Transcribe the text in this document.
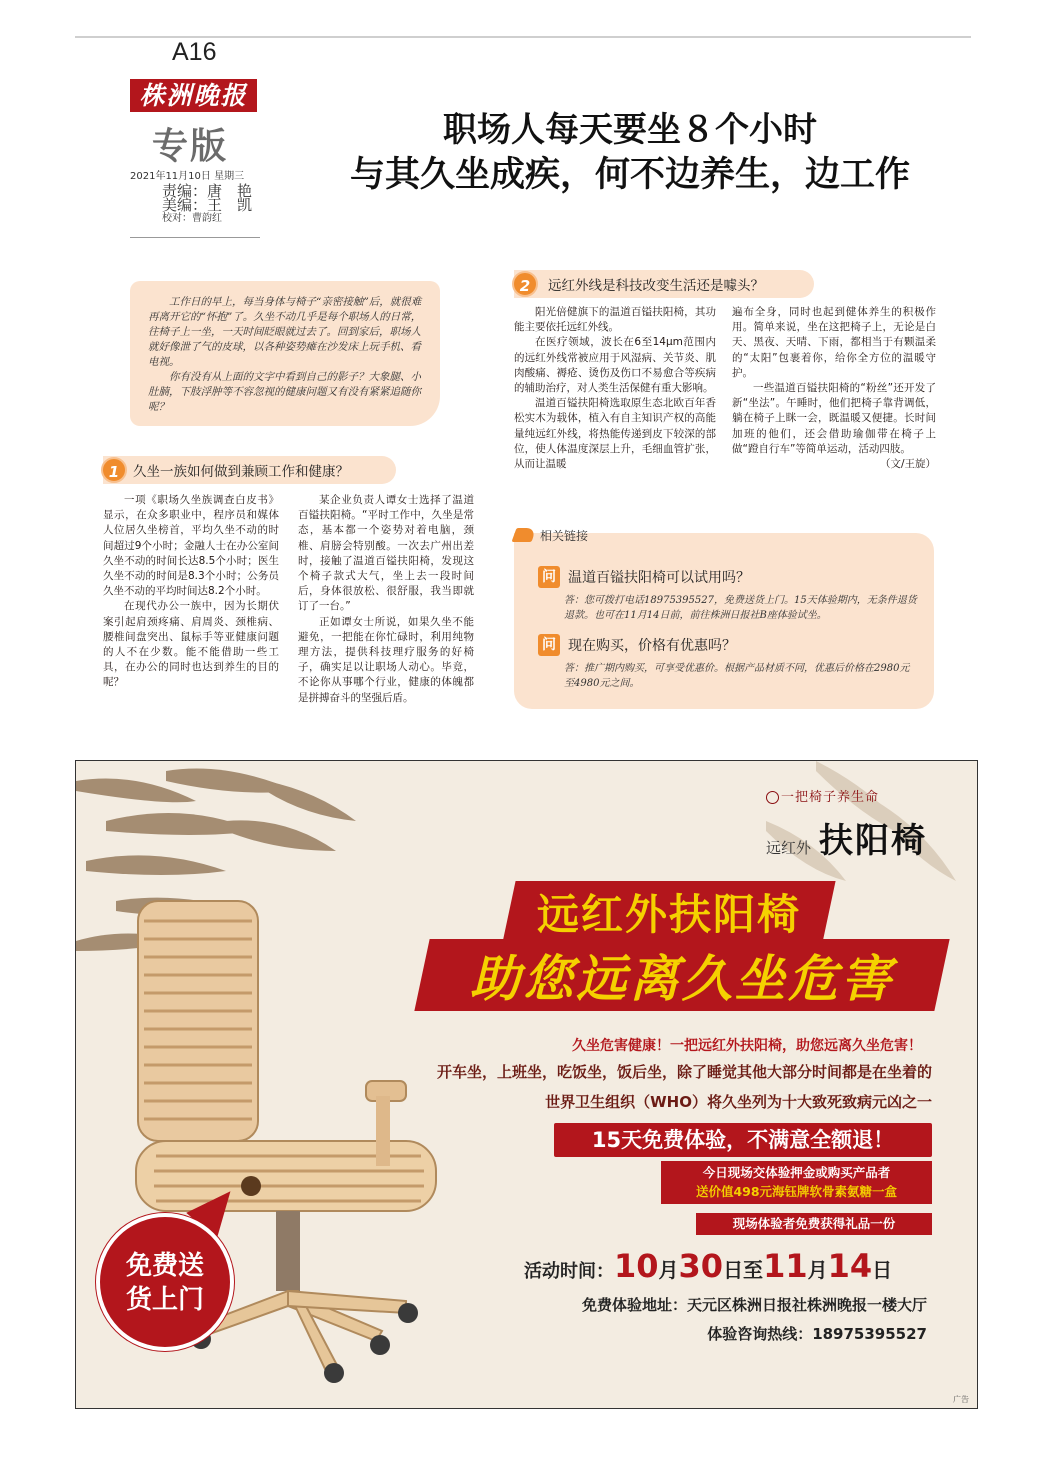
A16
株洲晚报
专版
2021年11月10日 星期三
责编：唐　艳
美编：王　凯
校对：曹韵红
职场人每天要坐８个小时
与其久坐成疾，何不边养生，边工作

工作日的早上，每当身体与椅子“亲密接触”后，就很难再离开它的“怀抱”了。久坐不动几乎是每个职场人的日常，往椅子上一坐，一天时间眨眼就过去了。回到家后，职场人就好像泄了气的皮球，以各种姿势瘫在沙发床上玩手机、看电视。

你有没有从上面的文字中看到自己的影子？大象腿、小肚腩，下肢浮肿等不容忽视的健康问题又有没有紧紧追随你呢？

1	久坐一族如何做到兼顾工作和健康？

一项《职场久坐族调查白皮书》显示，在众多职业中，程序员和媒体人位居久坐榜首，平均久坐不动的时间超过9个小时；金融人士在办公室间久坐不动的时间长达8.5个小时；医生久坐不动的时间是8.3个小时；公务员久坐不动的平均时间达8.2个小时。

在现代办公一族中，因为长期伏案引起肩颈疼痛、肩周炎、颈椎病、腰椎间盘突出、鼠标手等亚健康问题的人不在少数。能不能借助一些工具，在办公的同时也达到养生的目的呢？

某企业负责人谭女士选择了温道百镒扶阳椅。“平时工作中，久坐是常态，基本都一个姿势对着电脑，颈椎、肩膀会特别酸。一次去广州出差时，接触了温道百镒扶阳椅，发现这个椅子款式大气，坐上去一段时间后，身体很放松、很舒服，我当即就订了一台。”

正如谭女士所说，如果久坐不能避免，一把能在你忙碌时，利用纯物理方法，提供科技理疗服务的好椅子，确实足以让职场人动心。毕竟，不论你从事哪个行业，健康的体魄都是拼搏奋斗的坚强后盾。

2	远红外线是科技改变生活还是噱头？

阳光倍健旗下的温道百镒扶阳椅，其功能主要依托远红外线。

在医疗领域，波长在6至14μm范围内的远红外线常被应用于风湿病、关节炎、肌肉酸痛、褥疮、烫伤及伤口不易愈合等疾病的辅助治疗，对人类生活保健有重大影响。

温道百镒扶阳椅选取原生态北欧百年香松实木为载体，植入有自主知识产权的高能量纯远红外线，将热能传递到皮下较深的部位，使人体温度深层上升，毛细血管扩张，从而让温暖

遍布全身，同时也起到健体养生的积极作用。简单来说，坐在这把椅子上，无论是白天、黑夜、天晴、下雨，都相当于有颗温柔的“太阳”包裹着你，给你全方位的温暖守护。

一些温道百镒扶阳椅的“粉丝”还开发了新“坐法”。午睡时，他们把椅子靠背调低，躺在椅子上眯一会，既温暖又便捷。长时间加班的他们，还会借助瑜伽带在椅子上做“蹬自行车”等简单运动，活动四肢。

（文/王旋）

相关链接
问 温道百镒扶阳椅可以试用吗？
答：您可拨打电话18975395527，免费送货上门。15天体验期内，无条件退货退款。也可在11月14日前，前往株洲日报社B座体验试坐。
问 现在购买，价格有优惠吗？
答：推广期内购买，可享受优惠价。根据产品材质不同，优惠后价格在2980元至4980元之间。
一把椅子养生命
远红外 扶阳椅
远红外扶阳椅
助您远离久坐危害
久坐危害健康！一把远红外扶阳椅，助您远离久坐危害！
开车坐，上班坐，吃饭坐，饭后坐，除了睡觉其他大部分时间都是在坐着的
世界卫生组织（WHO）将久坐列为十大致死致病元凶之一
15天免费体验，不满意全额退！
今日现场交体验押金或购买产品者
送价值498元海钰牌软骨素氨糖一盒
现场体验者免费获得礼品一份
活动时间： 10 月 30 日至 11 月 14 日
免费体验地址：天元区株洲日报社株洲晚报一楼大厅
体验咨询热线：18975395527
免费送
货上门
广告
